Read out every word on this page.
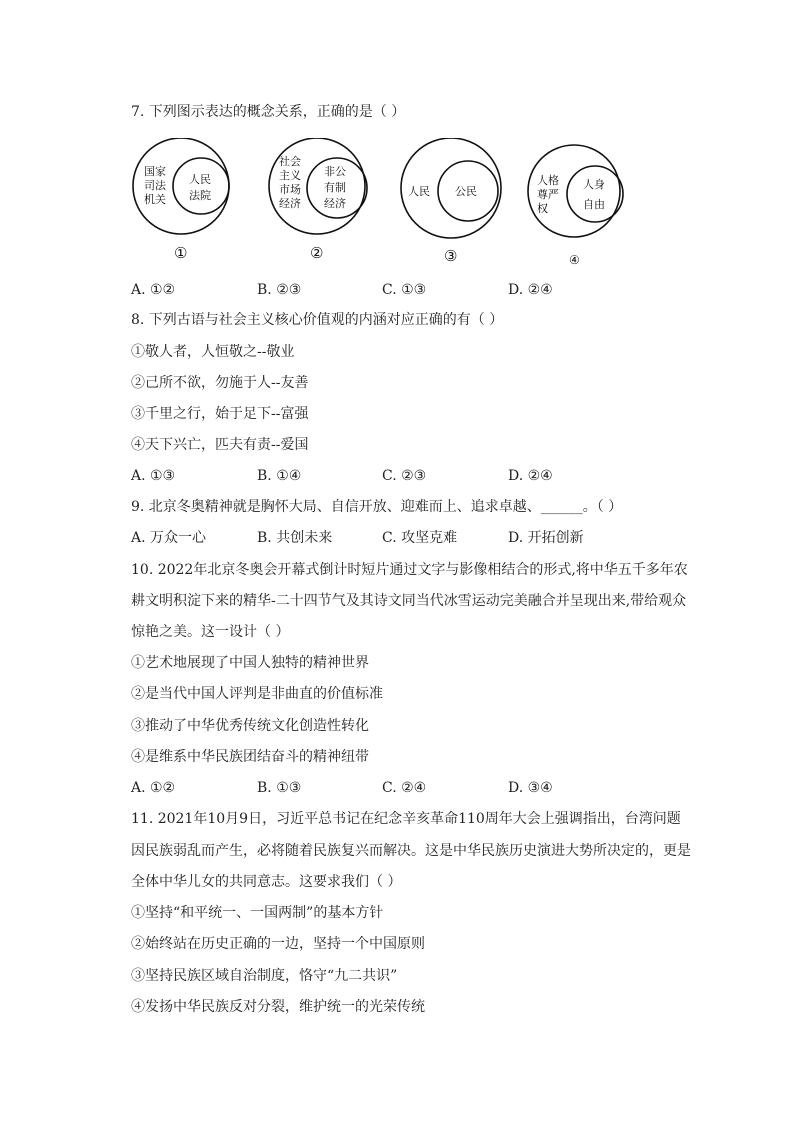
7. 下列图示表达的概念关系，正确的是（ ）
国家
司法
机关
人民
法院
①
社会
主义
市场
经济
非公
有制
经济
②
人民 公民
③
人格
尊严
权
人身
自由
④
A. ①②	B. ②③	C. ①③	D. ②④
8. 下列古语与社会主义核心价值观的内涵对应正确的有（ ）
①敬人者，人恒敬之--敬业
②己所不欲，勿施于人--友善
③千里之行，始于足下--富强
④天下兴亡，匹夫有责--爱国
A. ①③	B. ①④	C. ②③	D. ②④
9. 北京冬奥精神就是胸怀大局、自信开放、迎难而上、追求卓越、______。（ ）
A. 万众一心	B. 共创未来	C. 攻坚克难	D. 开拓创新
10. 2022年北京冬奥会开幕式倒计时短片通过文字与影像相结合的形式,将中华五千多年农
耕文明积淀下来的精华-二十四节气及其诗文同当代冰雪运动完美融合并呈现出来,带给观众
惊艳之美。这一设计（ ）
①艺术地展现了中国人独特的精神世界
②是当代中国人评判是非曲直的价值标准
③推动了中华优秀传统文化创造性转化
④是维系中华民族团结奋斗的精神纽带
A. ①②	B. ①③	C. ②④	D. ③④
11. 2021年10月9日，习近平总书记在纪念辛亥革命110周年大会上强调指出，台湾问题
因民族弱乱而产生，必将随着民族复兴而解决。这是中华民族历史演进大势所决定的，更是
全体中华儿女的共同意志。这要求我们（ ）
①坚持“和平统一、一国两制”的基本方针
②始终站在历史正确的一边，坚持一个中国原则
③坚持民族区域自治制度，恪守“九二共识”
④发扬中华民族反对分裂，维护统一的光荣传统
